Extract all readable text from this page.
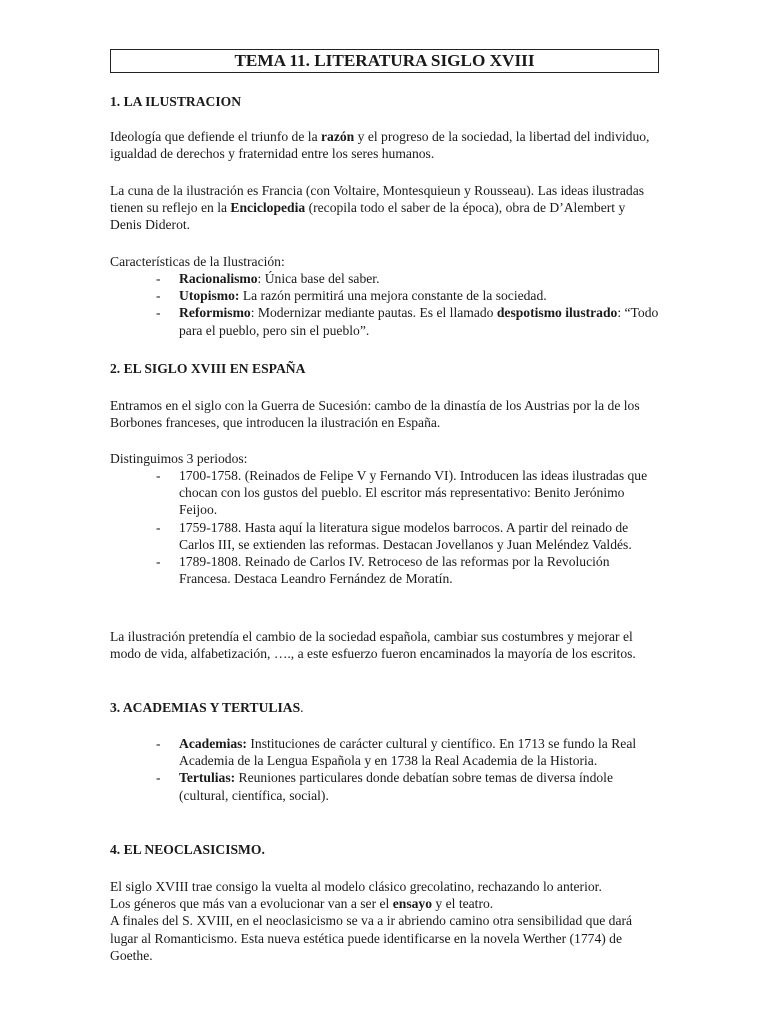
TEMA 11. LITERATURA SIGLO XVIII
1. LA ILUSTRACION

Ideología que defiende el triunfo de la razón y el progreso de la sociedad, la libertad del individuo, igualdad de derechos y fraternidad entre los seres humanos.

La cuna de la ilustración es Francia (con Voltaire, Montesquieun y Rousseau). Las ideas ilustradas tienen su reflejo en la Enciclopedia (recopila todo el saber de la época), obra de D’Alembert y Denis Diderot.

Características de la Ilustración:

- Racionalismo: Única base del saber.
- Utopismo: La razón permitirá una mejora constante de la sociedad.
- Reformismo: Modernizar mediante pautas. Es el llamado despotismo ilustrado: “Todo para el pueblo, pero sin el pueblo”.
2. EL SIGLO XVIII EN ESPAÑA

Entramos en el siglo con la Guerra de Sucesión: cambo de la dinastía de los Austrias por la de los Borbones franceses, que introducen la ilustración en España.

Distinguimos 3 periodos:

- 1700-1758. (Reinados de Felipe V y Fernando VI). Introducen las ideas ilustradas que chocan con los gustos del pueblo. El escritor más representativo: Benito Jerónimo Feijoo.
- 1759-1788. Hasta aquí la literatura sigue modelos barrocos. A partir del reinado de Carlos III, se extienden las reformas. Destacan Jovellanos y Juan Meléndez Valdés.
- 1789-1808. Reinado de Carlos IV. Retroceso de las reformas por la Revolución Francesa. Destaca Leandro Fernández de Moratín.

La ilustración pretendía el cambio de la sociedad española, cambiar sus costumbres y mejorar el modo de vida, alfabetización, …., a este esfuerzo fueron encaminados la mayoría de los escritos.

3. ACADEMIAS Y TERTULIAS.
- Academias: Instituciones de carácter cultural y científico. En 1713 se fundo la Real Academia de la Lengua Española y en 1738 la Real Academia de la Historia.
- Tertulias: Reuniones particulares donde debatían sobre temas de diversa índole (cultural, científica, social).
4. EL NEOCLASICISMO.

El siglo XVIII trae consigo la vuelta al modelo clásico grecolatino, rechazando lo anterior.
Los géneros que más van a evolucionar van a ser el ensayo y el teatro.
A finales del S. XVIII, en el neoclasicismo se va a ir abriendo camino otra sensibilidad que dará lugar al Romanticismo. Esta nueva estética puede identificarse en la novela Werther (1774) de Goethe.
